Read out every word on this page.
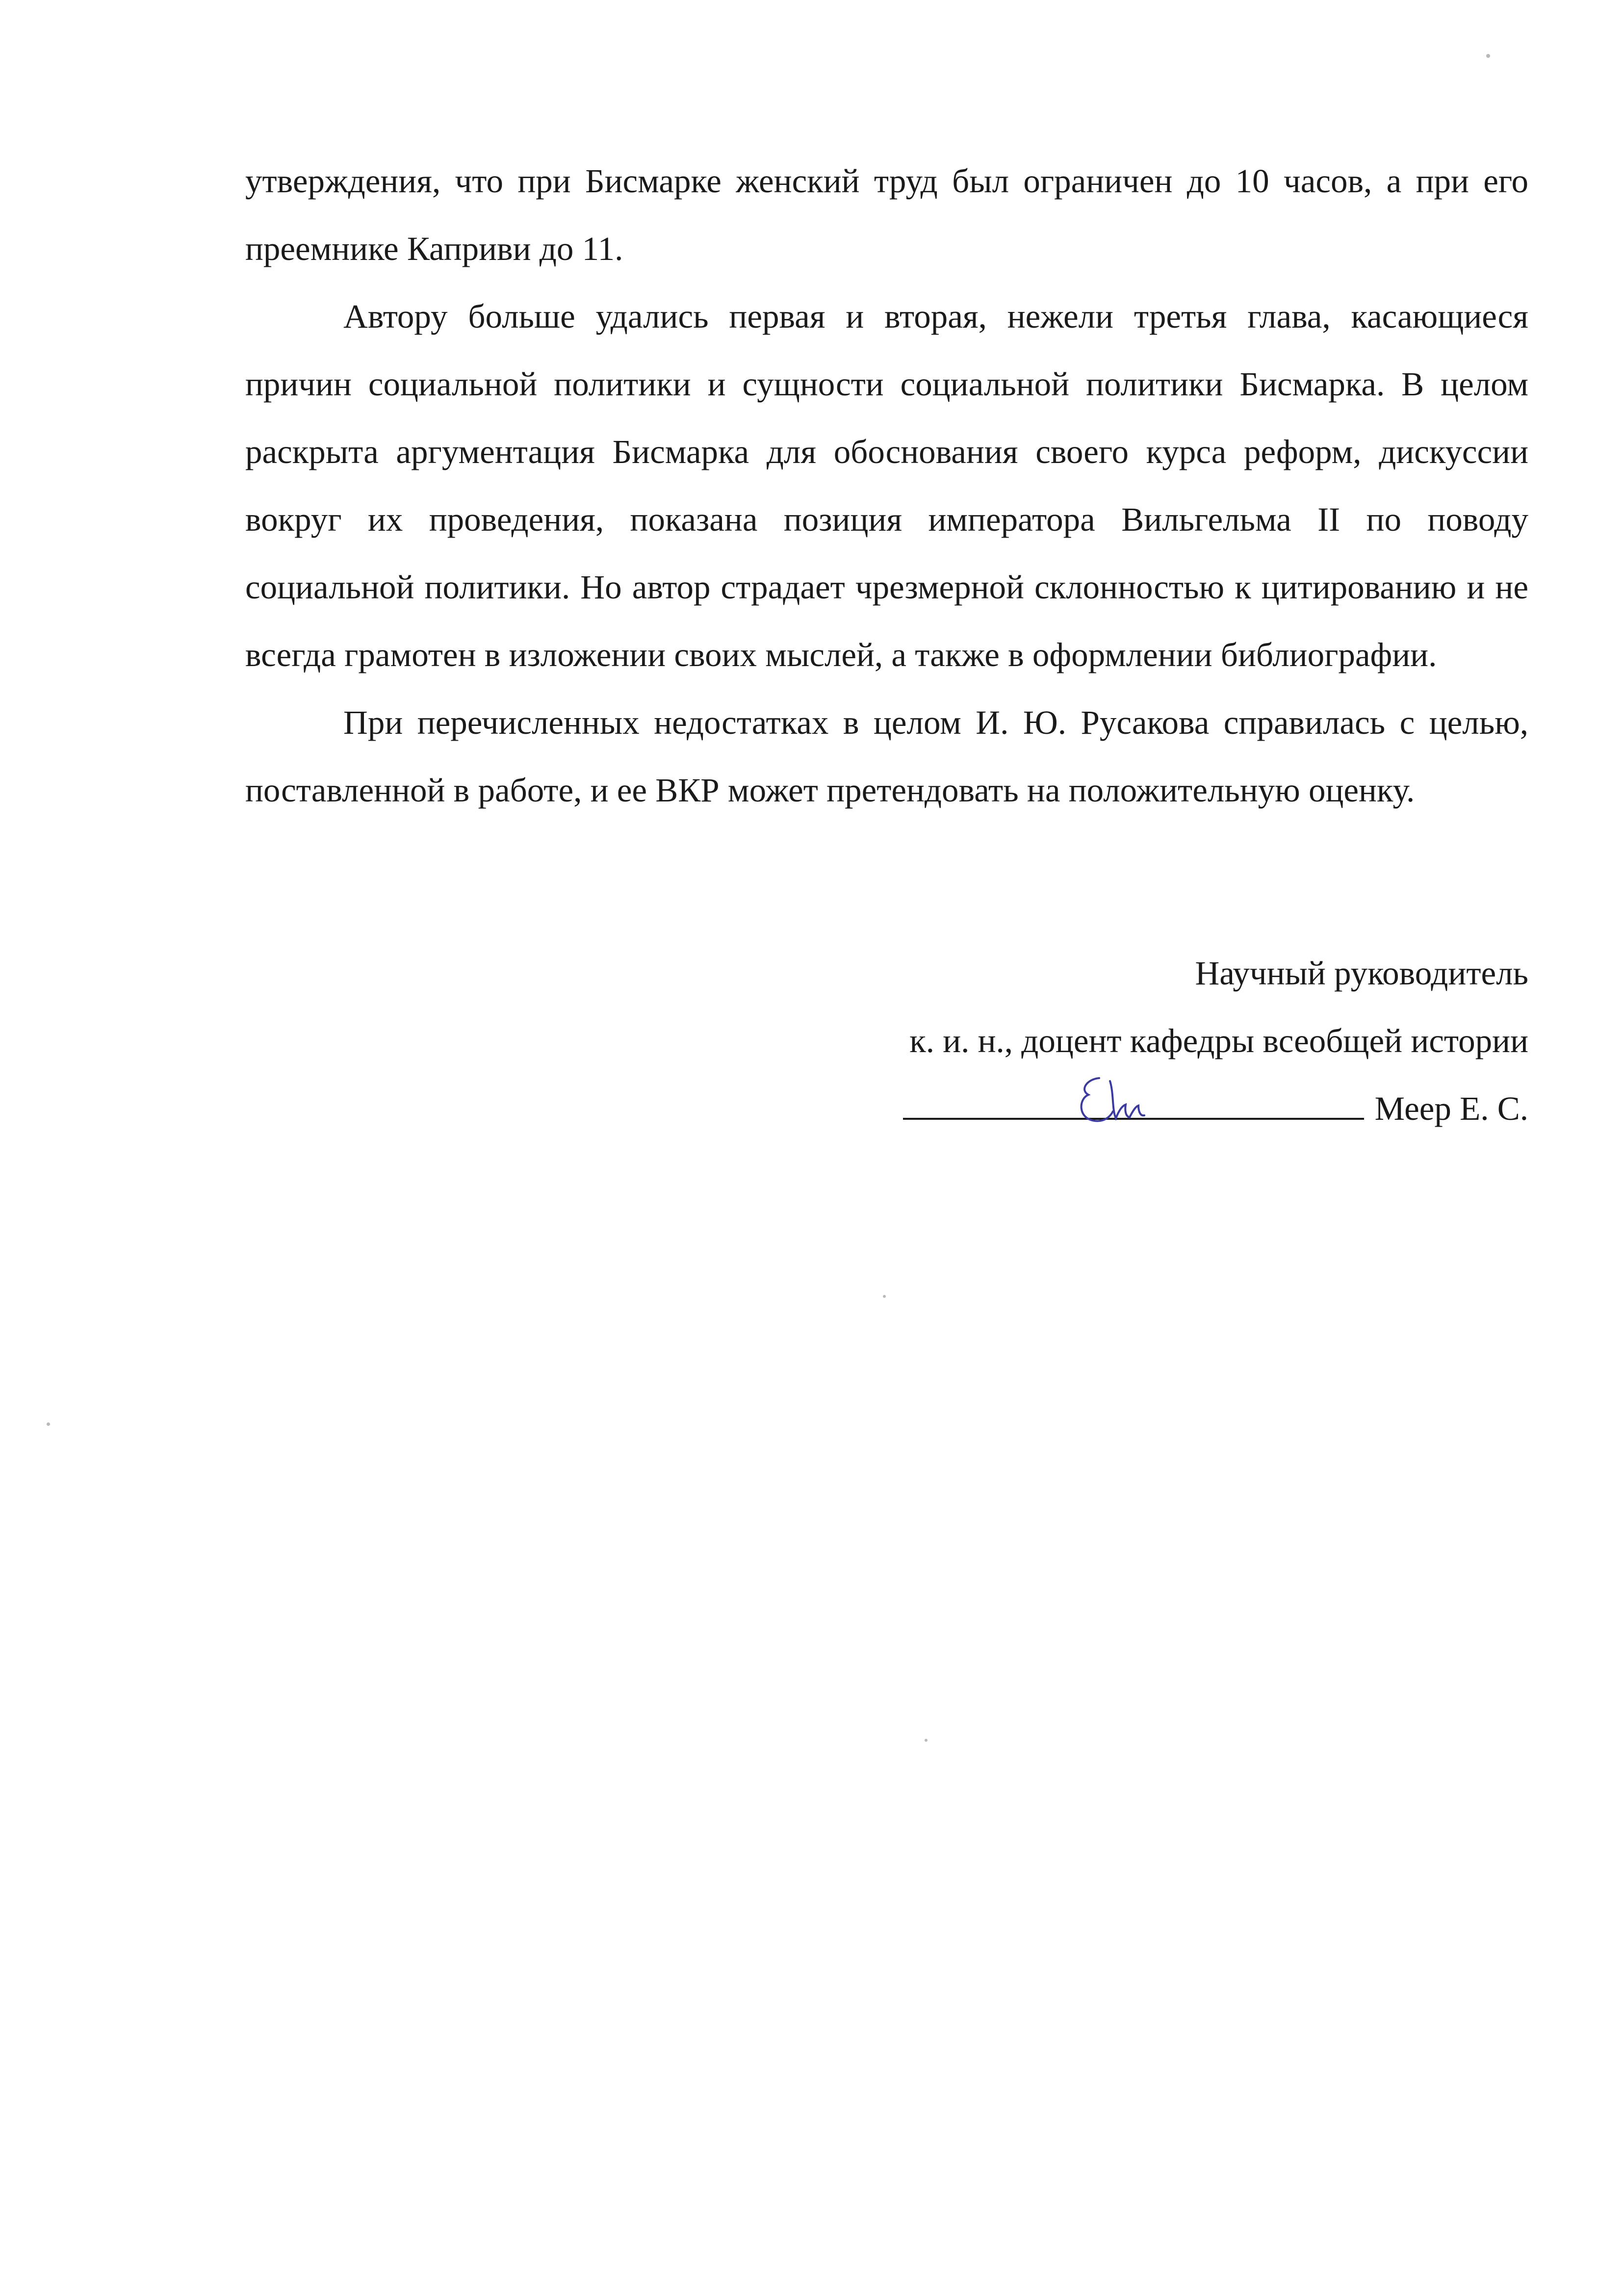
утверждения, что при Бисмарке женский труд был ограничен до 10 часов, а при его преемнике Каприви до 11.

Автору больше удались первая и вторая, нежели третья глава, касающиеся причин социальной политики и сущности социальной политики Бисмарка. В целом раскрыта аргументация Бисмарка для обоснования своего курса реформ, дискуссии вокруг их проведения, показана позиция императора Вильгельма II по поводу социальной политики. Но автор страдает чрезмерной склонностью к цитированию и не всегда грамотен в изложении своих мыслей, а также в оформлении библиографии.

При перечисленных недостатках в целом И. Ю. Русакова справилась с целью, поставленной в работе, и ее ВКР может претендовать на положительную оценку.

Научный руководитель
к. и. н., доцент кафедры всеобщей истории
Меер Е. С.
